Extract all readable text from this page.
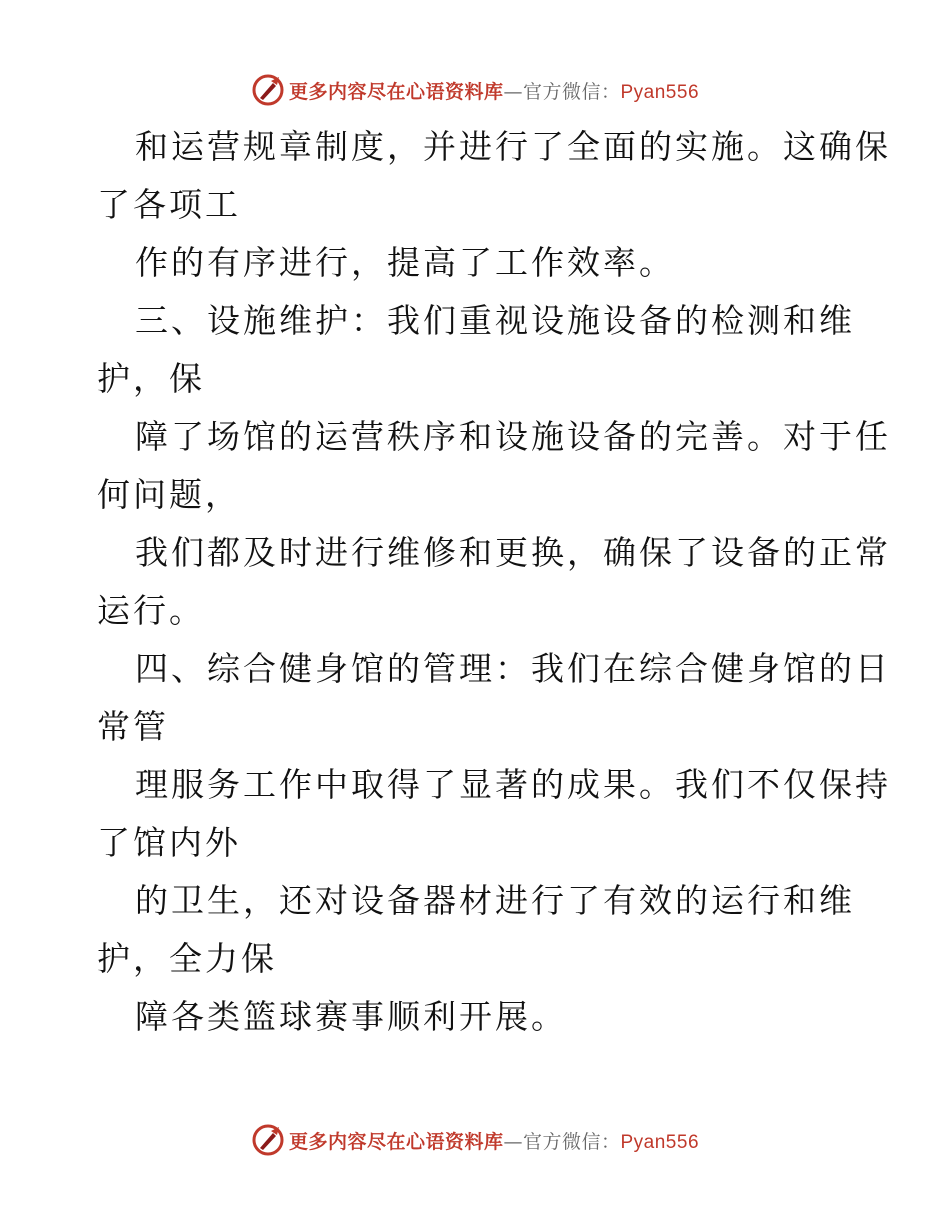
更多内容尽在心语资料库 — 官方微信： Pyan556
和运营规章制度，并进行了全面的实施。这确保
了各项工
作的有序进行，提高了工作效率。
三、设施维护：我们重视设施设备的检测和维
护，保
障了场馆的运营秩序和设施设备的完善。对于任
何问题，
我们都及时进行维修和更换，确保了设备的正常
运行。
四、综合健身馆的管理：我们在综合健身馆的日
常管
理服务工作中取得了显著的成果。我们不仅保持
了馆内外
的卫生，还对设备器材进行了有效的运行和维
护，全力保
障各类篮球赛事顺利开展。
更多内容尽在心语资料库 — 官方微信： Pyan556
